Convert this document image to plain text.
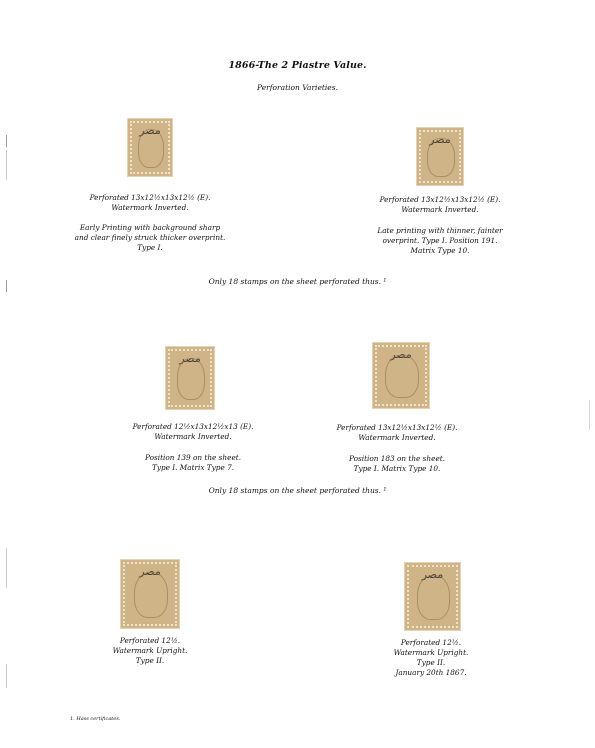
1866-The 2 Piastre Value.
Perforation Varieties.
مصر
مصر
Perforated 13x12½x13x12½ (E).
Watermark Inverted.
Early Printing with background sharp
and clear finely struck thicker overprint.
Type I.
Perforated 13x12½x13x12½ (E).
Watermark Inverted.
Late printing with thinner, fainter
overprint. Type I. Position 191.
Matrix Type 10.
Only 18 stamps on the sheet perforated thus. ¹
مصر	مصر
Perforated 12½x13x12½x13 (E).
Watermark Inverted.
Position 139 on the sheet.
Type I. Matrix Type 7.
Perforated 13x12½x13x12½ (E).
Watermark Inverted.
Position 183 on the sheet.
Type I. Matrix Type 10.
Only 18 stamps on the sheet perforated thus. ¹
مصر	مصر
Perforated 12½.
Watermark Upright.
Type II.
Perforated 12½.
Watermark Upright.
Type II.
January 20th 1867.
1. Hass certificates.
